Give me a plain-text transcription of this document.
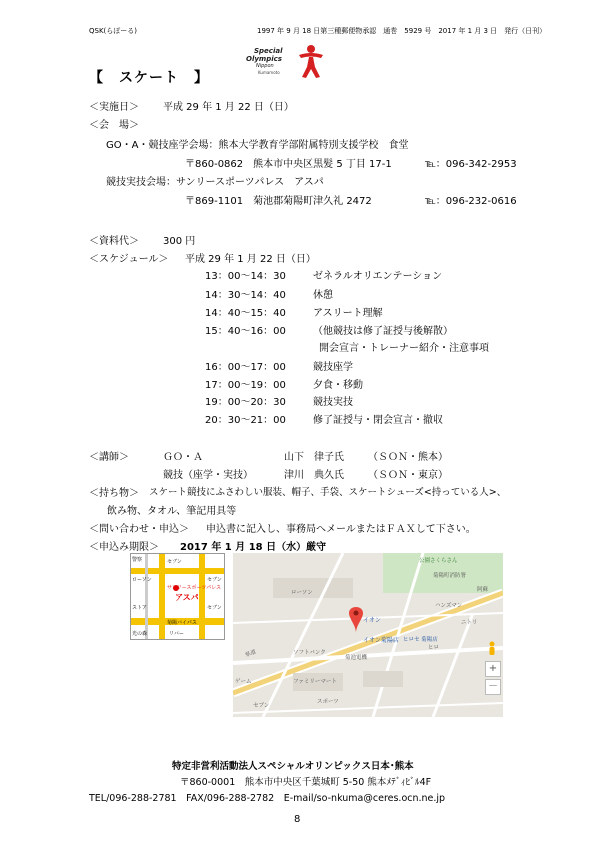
QSK(らぽーる)	1997 年 9 月 18 日第三種郵便物承認　通巻　5929 号　2017 年 1 月 3 日　発行（日刊）
Special
Olympics
Nippon
Kumamoto
【　スケート　】
＜実施日＞ 平成 29 年 1 月 22 日（日）
＜会　場＞
GO・A・競技座学会場：熊本大学教育学部附属特別支援学校　食堂
〒860-0862　熊本市中央区黒髪 5 丁目 17-1	℡：096-342-2953
競技実技会場：サンリースポーツパレス　アスパ
〒869-1101　菊池郡菊陽町津久礼 2472	℡：096-232-0616
＜資料代＞ 300 円
＜スケジュール＞ 平成 29 年 1 月 22 日（日）
13：00～14：30	ゼネラルオリエンテーション
14：30～14：40	休憩
14：40～15：40	アスリート理解
15：40～16：00	（他競技は修了証授与後解散）
開会宣言・トレーナー紹介・注意事項
16：00～17：00	競技座学
17：00～19：00	夕食・移動
19：00～20：30	競技実技
20：30～21：00	修了証授与・閉会宣言・撤収
＜講師＞	ＧＯ・Ａ	山下　律子氏 （ＳＯＮ・熊本）
競技（座学・実技）	津川　典久氏 （ＳＯＮ・東京）
＜持ち物＞ スケート競技にふさわしい服装、帽子、手袋、スケートシューズ<持っている人>、
飲み物、タオル、筆記用具等
＜問い合わせ・申込＞ 申込書に記入し、事務局へメールまたはＦＡＸして下さい。
＜申込み期限＞ 2017 年 1 月 18 日（水）厳守
警察	セブン
セブン
ローソン
セブン
菊陽バイパス
光の森	リバー
ストア
サンリースポーツパレス
アスパ
公園さくらさん
菊陽町消防署
阿蘇
ローソン
イオン	ニトリ
ハンズマン
イオン菊陽店 ヒロセ 菊陽店
ソフトバンク
菊池電機
ファミリーマート
ヒロ
ゲーム
スポーツ
セブン
県道
+
－
特定非営利活動法人スペシャルオリンピックス日本･熊本
〒860-0001　熊本市中央区千葉城町 5-50 熊本ﾒﾃﾞｨﾋﾞﾙ4F
TEL/096-288-2781　FAX/096-288-2782　E-mail/so-nkuma@ceres.ocn.ne.jp
8
